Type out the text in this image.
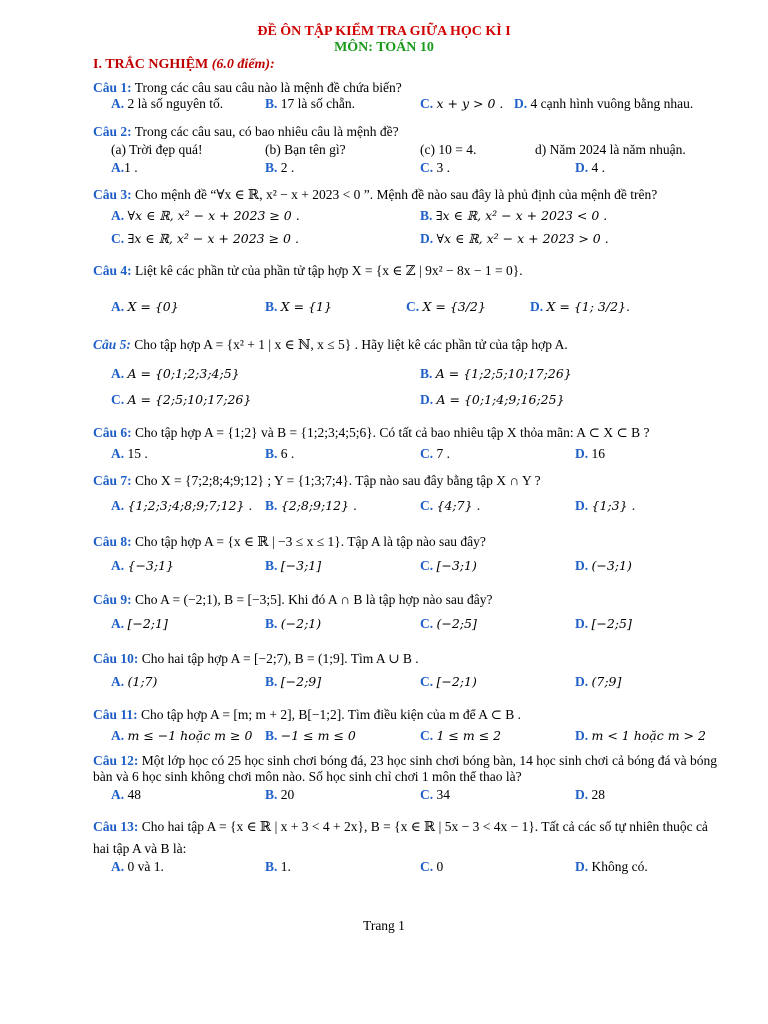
ĐỀ ÔN TẬP KIỂM TRA GIỮA HỌC KÌ I
MÔN: TOÁN 10
I. TRẮC NGHIỆM (6.0 điểm):
Câu 1: Trong các câu sau câu nào là mệnh đề chứa biến?
A. 2 là số nguyên tố.	B. 17 là số chẵn.	C. x + y > 0 . D. 4 cạnh hình vuông bằng nhau.
Câu 2: Trong các câu sau, có bao nhiêu câu là mệnh đề?
(a) Trời đẹp quá!	(b) Bạn tên gì?	(c) 10 = 4.	d) Năm 2024 là năm nhuận.
A.1 .	B. 2 .	C. 3 .	D. 4 .
Câu 3: Cho mệnh đề “∀x ∈ ℝ, x² − x + 2023 < 0 ”. Mệnh đề nào sau đây là phủ định của mệnh đề trên?
A. ∀x ∈ ℝ, x² − x + 2023 ≥ 0 .	B. ∃x ∈ ℝ, x² − x + 2023 < 0 .
C. ∃x ∈ ℝ, x² − x + 2023 ≥ 0 .	D. ∀x ∈ ℝ, x² − x + 2023 > 0 .
Câu 4: Liệt kê các phần tử của phần tử tập hợp X = {x ∈ ℤ | 9x² − 8x − 1 = 0}.
A. X = {0}	B. X = {1}	C. X = {3/2}	D. X = {1; 3/2}.
Câu 5: Cho tập hợp A = {x² + 1 | x ∈ ℕ, x ≤ 5} . Hãy liệt kê các phần tử của tập hợp A.
A. A = {0;1;2;3;4;5}	B. A = {1;2;5;10;17;26}
C. A = {2;5;10;17;26}	D. A = {0;1;4;9;16;25}
Câu 6: Cho tập hợp A = {1;2} và B = {1;2;3;4;5;6}. Có tất cả bao nhiêu tập X thỏa mãn: A ⊂ X ⊂ B ?
A. 15 .	B. 6 .	C. 7 .	D. 16
Câu 7: Cho X = {7;2;8;4;9;12} ; Y = {1;3;7;4}. Tập nào sau đây bằng tập X ∩ Y ?
A. {1;2;3;4;8;9;7;12} . B. {2;8;9;12} .	C. {4;7} .	D. {1;3} .
Câu 8: Cho tập hợp A = {x ∈ ℝ | −3 ≤ x ≤ 1}. Tập A là tập nào sau đây?
A. {−3;1}	B. [−3;1]	C. [−3;1)	D. (−3;1)
Câu 9: Cho A = (−2;1), B = [−3;5]. Khi đó A ∩ B là tập hợp nào sau đây?
A. [−2;1]	B. (−2;1)	C. (−2;5]	D. [−2;5]
Câu 10: Cho hai tập hợp A = [−2;7), B = (1;9]. Tìm A ∪ B .
A. (1;7)	B. [−2;9]	C. [−2;1)	D. (7;9]
Câu 11: Cho tập hợp A = [m; m + 2], B[−1;2]. Tìm điều kiện của m để A ⊂ B .
A. m ≤ −1 hoặc m ≥ 0 B. −1 ≤ m ≤ 0	C. 1 ≤ m ≤ 2	D. m < 1 hoặc m > 2
Câu 12: Một lớp học có 25 học sinh chơi bóng đá, 23 học sinh chơi bóng bàn, 14 học sinh chơi cả bóng đá và bóng bàn và 6 học sinh không chơi môn nào. Số học sinh chỉ chơi 1 môn thể thao là?
A. 48	B. 20	C. 34	D. 28
Câu 13: Cho hai tập A = {x ∈ ℝ | x + 3 < 4 + 2x}, B = {x ∈ ℝ | 5x − 3 < 4x − 1}. Tất cả các số tự nhiên thuộc cả hai tập A và B là:
A. 0 và 1.	B. 1.	C. 0	D. Không có.
Trang 1
